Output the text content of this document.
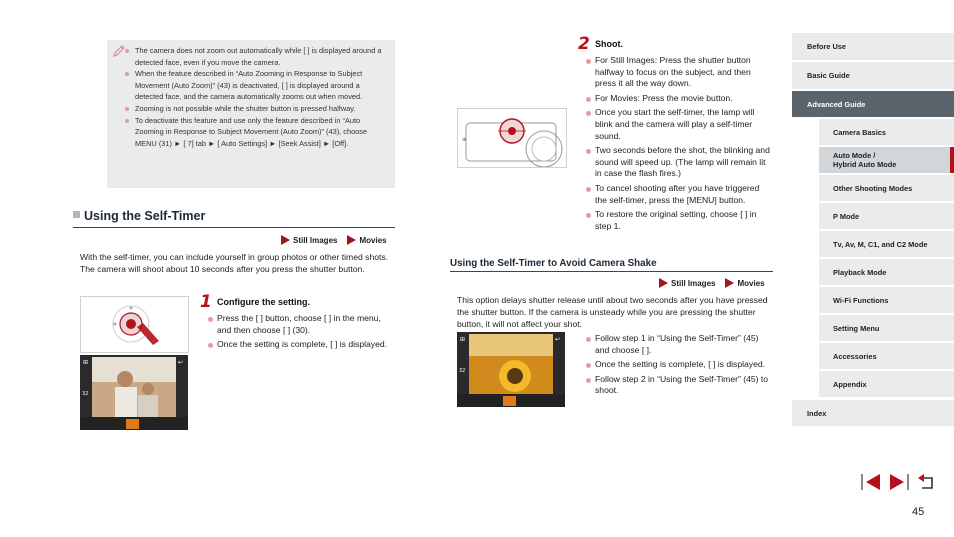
The camera does not zoom out automatically while [ ] is displayed around a detected face, even if you move the camera.
When the feature described in “Auto Zooming in Response to Subject Movement (Auto Zoom)” (43) is deactivated, [ ] is displayed around a detected face, and the camera automatically zooms out when moved.
Zooming is not possible while the shutter button is pressed halfway.
To deactivate this feature and use only the feature described in “Auto Zooming in Response to Subject Movement (Auto Zoom)” (43), choose MENU (31) ► [ 7] tab ► [ Auto Settings] ► [Seek Assist] ► [Off].
Using the Self-Timer
Still Images	Movies
With the self-timer, you can include yourself in group photos or other timed shots. The camera will shoot about 10 seconds after you press the shutter button.
⊞
32
↩
1 Configure the setting.
Press the [ ] button, choose [ ] in the menu, and then choose [ ] (30).
Once the setting is complete, [ ] is displayed.
⊕
2 Shoot.
For Still Images: Press the shutter button halfway to focus on the subject, and then press it all the way down.
For Movies: Press the movie button.
Once you start the self-timer, the lamp will blink and the camera will play a self-timer sound.
Two seconds before the shot, the blinking and sound will speed up. (The lamp will remain lit in case the flash fires.)
To cancel shooting after you have triggered the self-timer, press the [MENU] button.
To restore the original setting, choose [ ] in step 1.
Using the Self-Timer to Avoid Camera Shake
Still Images	Movies
This option delays shutter release until about two seconds after you have pressed the shutter button. If the camera is unsteady while you are pressing the shutter button, it will not affect your shot.
⊞
32
↩	Follow step 1 in “Using the Self-Timer” (45) and choose [ ].
Once the setting is complete, [ ] is displayed.
Follow step 2 in “Using the Self-Timer” (45) to shoot.
Before Use
Basic Guide
Advanced Guide
Camera Basics
Auto Mode /
Hybrid Auto Mode
Other Shooting Modes
P Mode
Tv, Av, M, C1, and C2 Mode
Playback Mode
Wi-Fi Functions
Setting Menu
Accessories
Appendix
Index
45
